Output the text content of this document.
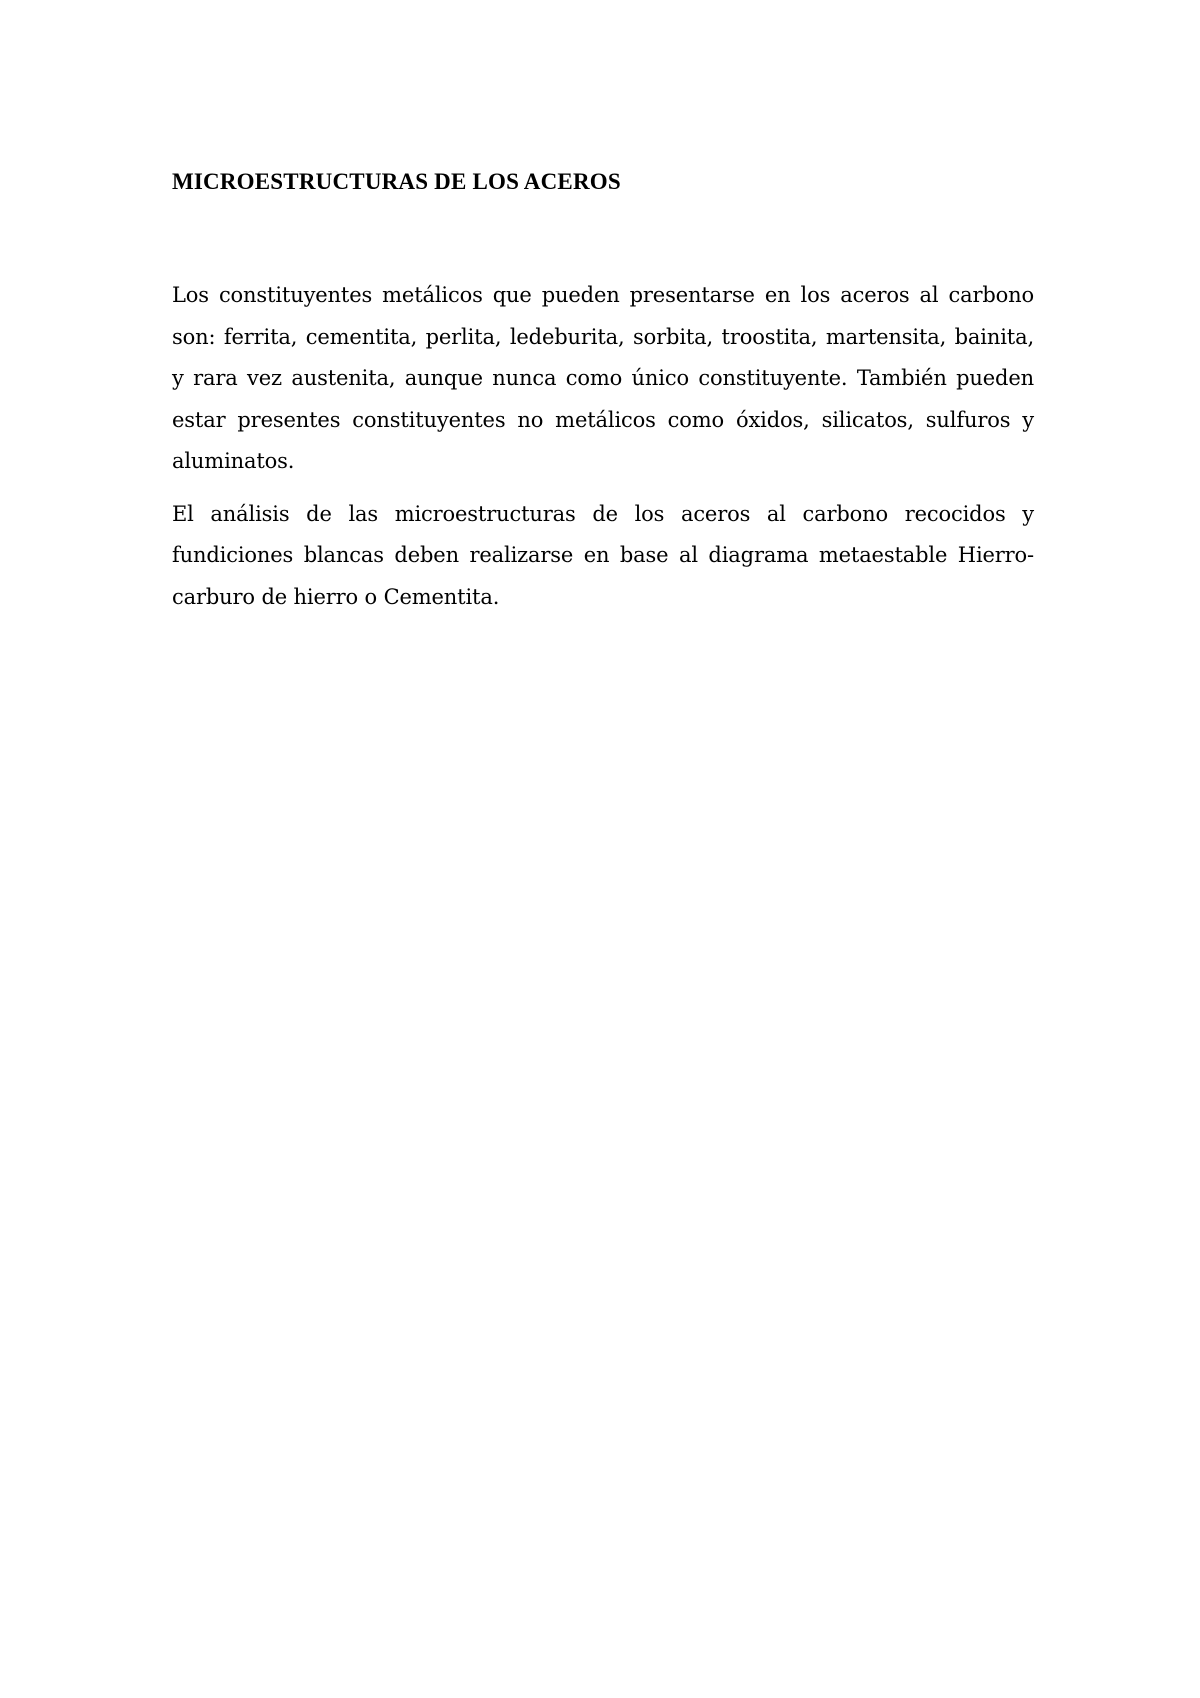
MICROESTRUCTURAS DE LOS ACEROS

Los constituyentes metálicos que pueden presentarse en los aceros al carbono son: ferrita, cementita, perlita, ledeburita, sorbita, troostita, martensita, bainita, y rara vez austenita, aunque nunca como único constituyente. También pueden estar presentes constituyentes no metálicos como óxidos, silicatos, sulfuros y aluminatos.

El análisis de las microestructuras de los aceros al carbono recocidos y fundiciones blancas deben realizarse en base al diagrama metaestable Hierro-carburo de hierro o Cementita.
